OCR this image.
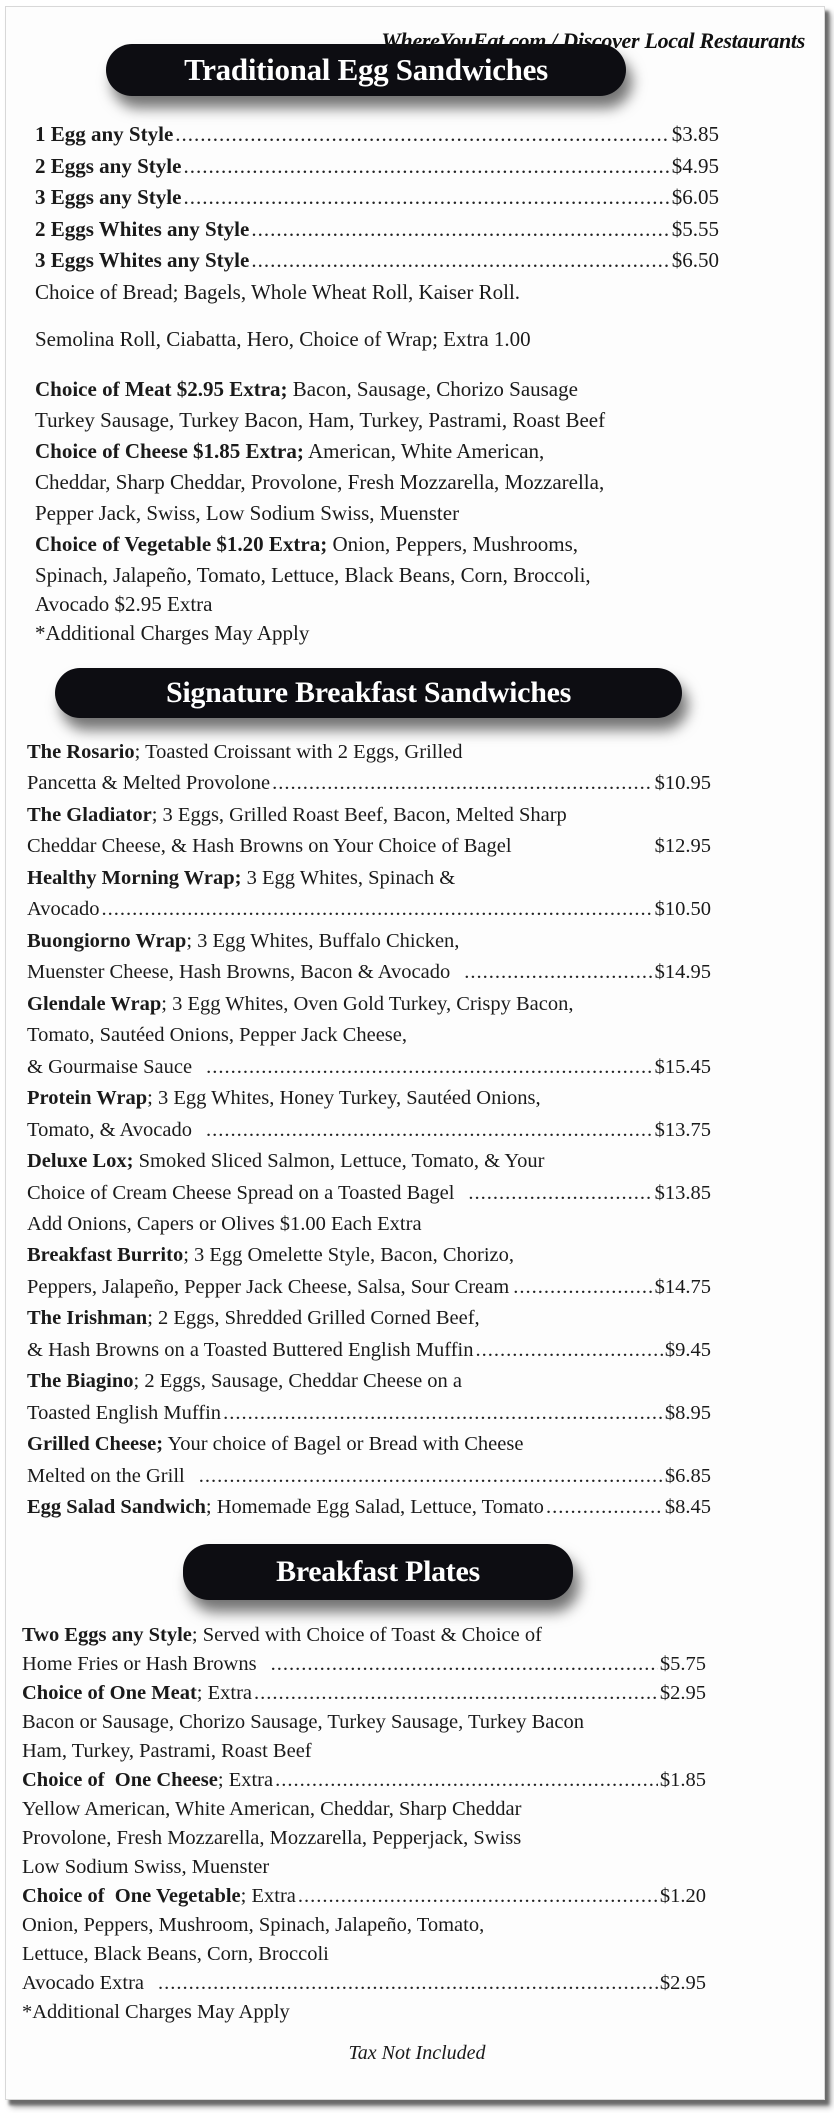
WhereYouEat.com / Discover Local Restaurants
Traditional Egg Sandwiches
1 Egg any Style .....	$3.85
2 Eggs any Style .....	$4.95
3 Eggs any Style .....	$6.05
2 Eggs Whites any Style .....	$5.55
3 Eggs Whites any Style .....	$6.50
Choice of Bread; Bagels, Whole Wheat Roll, Kaiser Roll.
Semolina Roll, Ciabatta, Hero, Choice of Wrap; Extra 1.00
Choice of Meat $2.95 Extra; Bacon, Sausage, Chorizo Sausage
Turkey Sausage, Turkey Bacon, Ham, Turkey, Pastrami, Roast Beef
Choice of Cheese $1.85 Extra; American, White American,
Cheddar, Sharp Cheddar, Provolone, Fresh Mozzarella, Mozzarella,
Pepper Jack, Swiss, Low Sodium Swiss, Muenster
Choice of Vegetable $1.20 Extra; Onion, Peppers, Mushrooms,
Spinach, Jalapeño, Tomato, Lettuce, Black Beans, Corn, Broccoli,
Avocado $2.95 Extra
*Additional Charges May Apply
Signature Breakfast Sandwiches
The Rosario; Toasted Croissant with 2 Eggs, Grilled
Pancetta & Melted Provolone .....	$10.95
The Gladiator; 3 Eggs, Grilled Roast Beef, Bacon, Melted Sharp
Cheddar Cheese, & Hash Browns on Your Choice of Bagel	$12.95
Healthy Morning Wrap; 3 Egg Whites, Spinach &
Avocado .....	$10.50
Buongiorno Wrap; 3 Egg Whites, Buffalo Chicken,
Muenster Cheese, Hash Browns, Bacon & Avocado .....	$14.95
Glendale Wrap; 3 Egg Whites, Oven Gold Turkey, Crispy Bacon,
Tomato, Sautéed Onions, Pepper Jack Cheese,
& Gourmaise Sauce .....	$15.45
Protein Wrap; 3 Egg Whites, Honey Turkey, Sautéed Onions,
Tomato, & Avocado .....	$13.75
Deluxe Lox; Smoked Sliced Salmon, Lettuce, Tomato, & Your
Choice of Cream Cheese Spread on a Toasted Bagel .....	$13.85
Add Onions, Capers or Olives $1.00 Each Extra
Breakfast Burrito; 3 Egg Omelette Style, Bacon, Chorizo,
Peppers, Jalapeño, Pepper Jack Cheese, Salsa, Sour Cream .....	$14.75
The Irishman; 2 Eggs, Shredded Grilled Corned Beef,
& Hash Browns on a Toasted Buttered English Muffin .....	$9.45
The Biagino; 2 Eggs, Sausage, Cheddar Cheese on a
Toasted English Muffin .....	$8.95
Grilled Cheese; Your choice of Bagel or Bread with Cheese
Melted on the Grill .....	$6.85
Egg Salad Sandwich; Homemade Egg Salad, Lettuce, Tomato .....	$8.45
Breakfast Plates
Two Eggs any Style; Served with Choice of Toast & Choice of
Home Fries or Hash Browns .....	$5.75
Choice of One Meat; Extra .....	$2.95
Bacon or Sausage, Chorizo Sausage, Turkey Sausage, Turkey Bacon
Ham, Turkey, Pastrami, Roast Beef
Choice of  One Cheese; Extra .....	$1.85
Yellow American, White American, Cheddar, Sharp Cheddar
Provolone, Fresh Mozzarella, Mozzarella, Pepperjack, Swiss
Low Sodium Swiss, Muenster
Choice of  One Vegetable; Extra .....	$1.20
Onion, Peppers, Mushroom, Spinach, Jalapeño, Tomato,
Lettuce, Black Beans, Corn, Broccoli
Avocado Extra .....	$2.95
*Additional Charges May Apply
Tax Not Included
